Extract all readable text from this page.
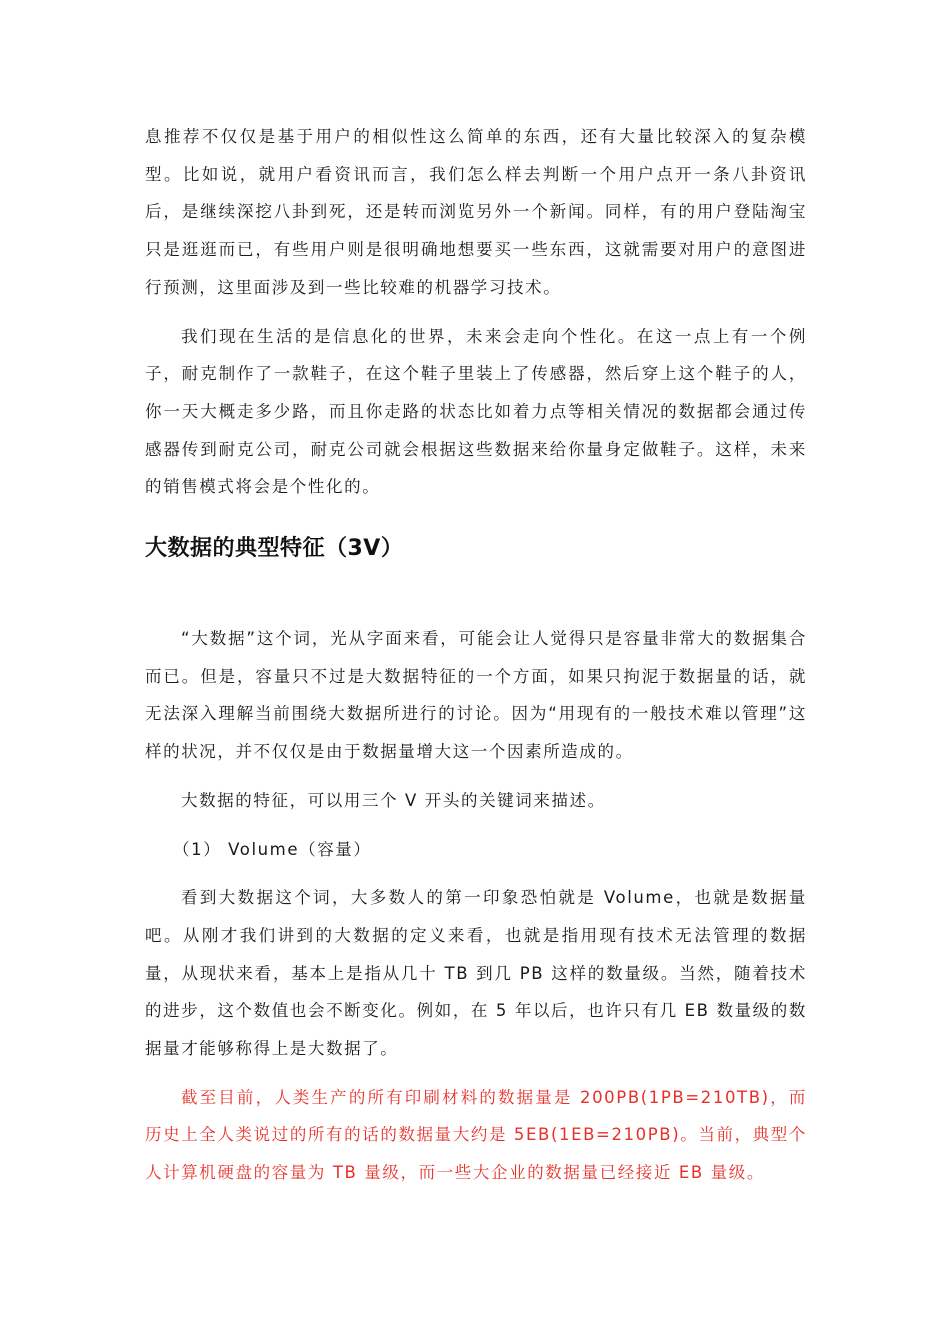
息推荐不仅仅是基于用户的相似性这么简单的东西，还有大量比较深入的复杂模型。比如说，就用户看资讯而言，我们怎么样去判断一个用户点开一条八卦资讯后，是继续深挖八卦到死，还是转而浏览另外一个新闻。同样，有的用户登陆淘宝只是逛逛而已，有些用户则是很明确地想要买一些东西，这就需要对用户的意图进行预测，这里面涉及到一些比较难的机器学习技术。

我们现在生活的是信息化的世界，未来会走向个性化。在这一点上有一个例子，耐克制作了一款鞋子，在这个鞋子里装上了传感器，然后穿上这个鞋子的人，你一天大概走多少路，而且你走路的状态比如着力点等相关情况的数据都会通过传感器传到耐克公司，耐克公司就会根据这些数据来给你量身定做鞋子。这样，未来的销售模式将会是个性化的。

大数据的典型特征（3V）

“大数据”这个词，光从字面来看，可能会让人觉得只是容量非常大的数据集合而已。但是，容量只不过是大数据特征的一个方面，如果只拘泥于数据量的话，就无法深入理解当前围绕大数据所进行的讨论。因为“用现有的一般技术难以管理”这样的状况，并不仅仅是由于数据量增大这一个因素所造成的。

大数据的特征，可以用三个 V 开头的关键词来描述。

（1） Volume（容量）

看到大数据这个词，大多数人的第一印象恐怕就是 Volume，也就是数据量吧。从刚才我们讲到的大数据的定义来看，也就是指用现有技术无法管理的数据量，从现状来看，基本上是指从几十 TB 到几 PB 这样的数量级。当然，随着技术的进步，这个数值也会不断变化。例如，在 5 年以后，也许只有几 EB 数量级的数据量才能够称得上是大数据了。

截至目前，人类生产的所有印刷材料的数据量是 200PB(1PB=210TB)，而历史上全人类说过的所有的话的数据量大约是 5EB(1EB=210PB)。当前，典型个人计算机硬盘的容量为 TB 量级，而一些大企业的数据量已经接近 EB 量级。
